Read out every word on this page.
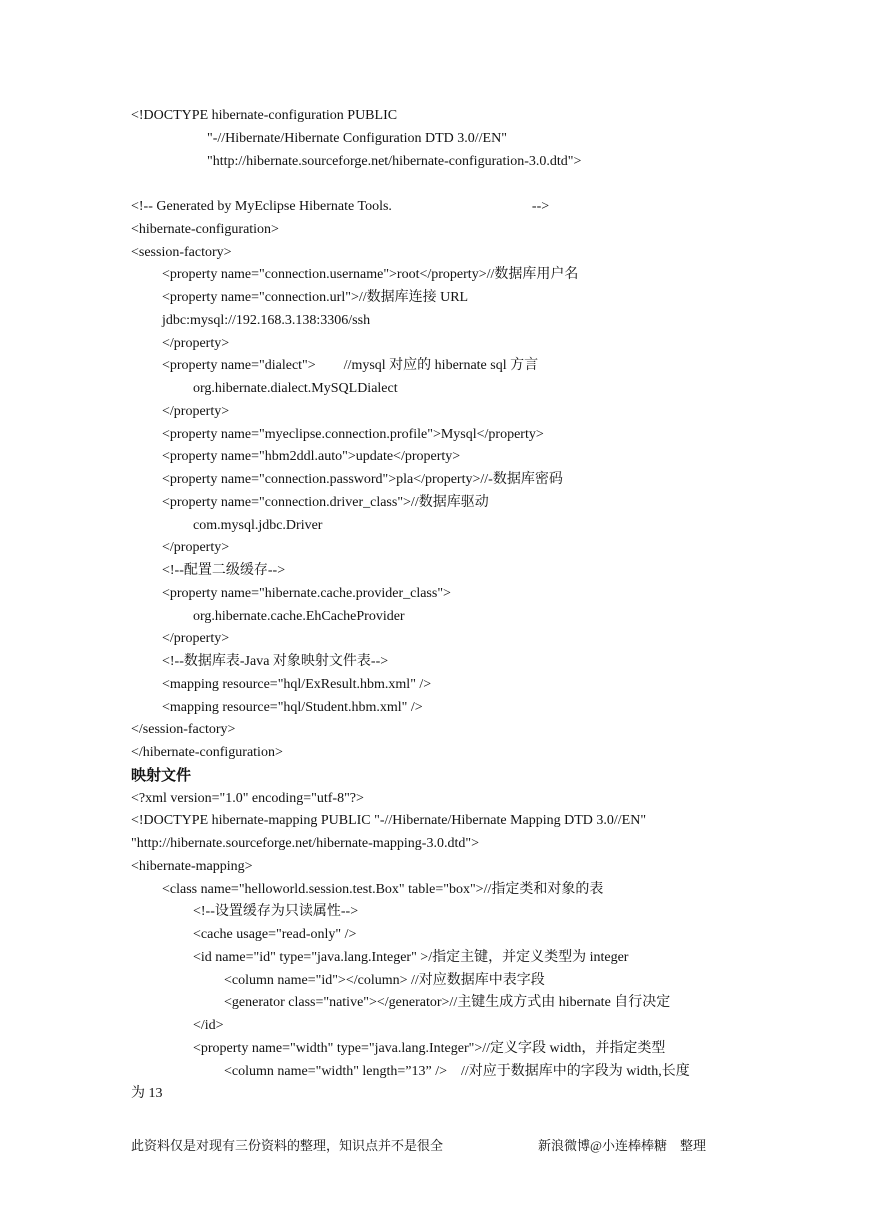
<!DOCTYPE hibernate-configuration PUBLIC
"-//Hibernate/Hibernate Configuration DTD 3.0//EN"
"http://hibernate.sourceforge.net/hibernate-configuration-3.0.dtd">
<!-- Generated by MyEclipse Hibernate Tools.                                        -->
<hibernate-configuration>
<session-factory>
<property name="connection.username">root</property>//数据库用户名
<property name="connection.url">//数据库连接 URL
jdbc:mysql://192.168.3.138:3306/ssh
</property>
<property name="dialect">        //mysql 对应的 hibernate sql 方言
org.hibernate.dialect.MySQLDialect
</property>
<property name="myeclipse.connection.profile">Mysql</property>
<property name="hbm2ddl.auto">update</property>
<property name="connection.password">pla</property>//-数据库密码
<property name="connection.driver_class">//数据库驱动
com.mysql.jdbc.Driver
</property>
<!--配置二级缓存-->
<property name="hibernate.cache.provider_class">
org.hibernate.cache.EhCacheProvider
</property>
<!--数据库表-Java 对象映射文件表-->
<mapping resource="hql/ExResult.hbm.xml" />
<mapping resource="hql/Student.hbm.xml" />
</session-factory>
</hibernate-configuration>
映射文件
<?xml version="1.0" encoding="utf-8"?>
<!DOCTYPE hibernate-mapping PUBLIC "-//Hibernate/Hibernate Mapping DTD 3.0//EN"
"http://hibernate.sourceforge.net/hibernate-mapping-3.0.dtd">
<hibernate-mapping>
<class name="helloworld.session.test.Box" table="box">//指定类和对象的表
<!--设置缓存为只读属性-->
<cache usage="read-only" />
<id name="id" type="java.lang.Integer" >/指定主键，并定义类型为 integer
<column name="id"></column> //对应数据库中表字段
<generator class="native"></generator>//主键生成方式由 hibernate 自行决定
</id>
<property name="width" type="java.lang.Integer">//定义字段 width，并指定类型
<column name="width" length=”13” />    //对应于数据库中的字段为 width,长度
为 13
此资料仅是对现有三份资料的整理，知识点并不是很全	新浪微博@小连棒棒糖    整理
